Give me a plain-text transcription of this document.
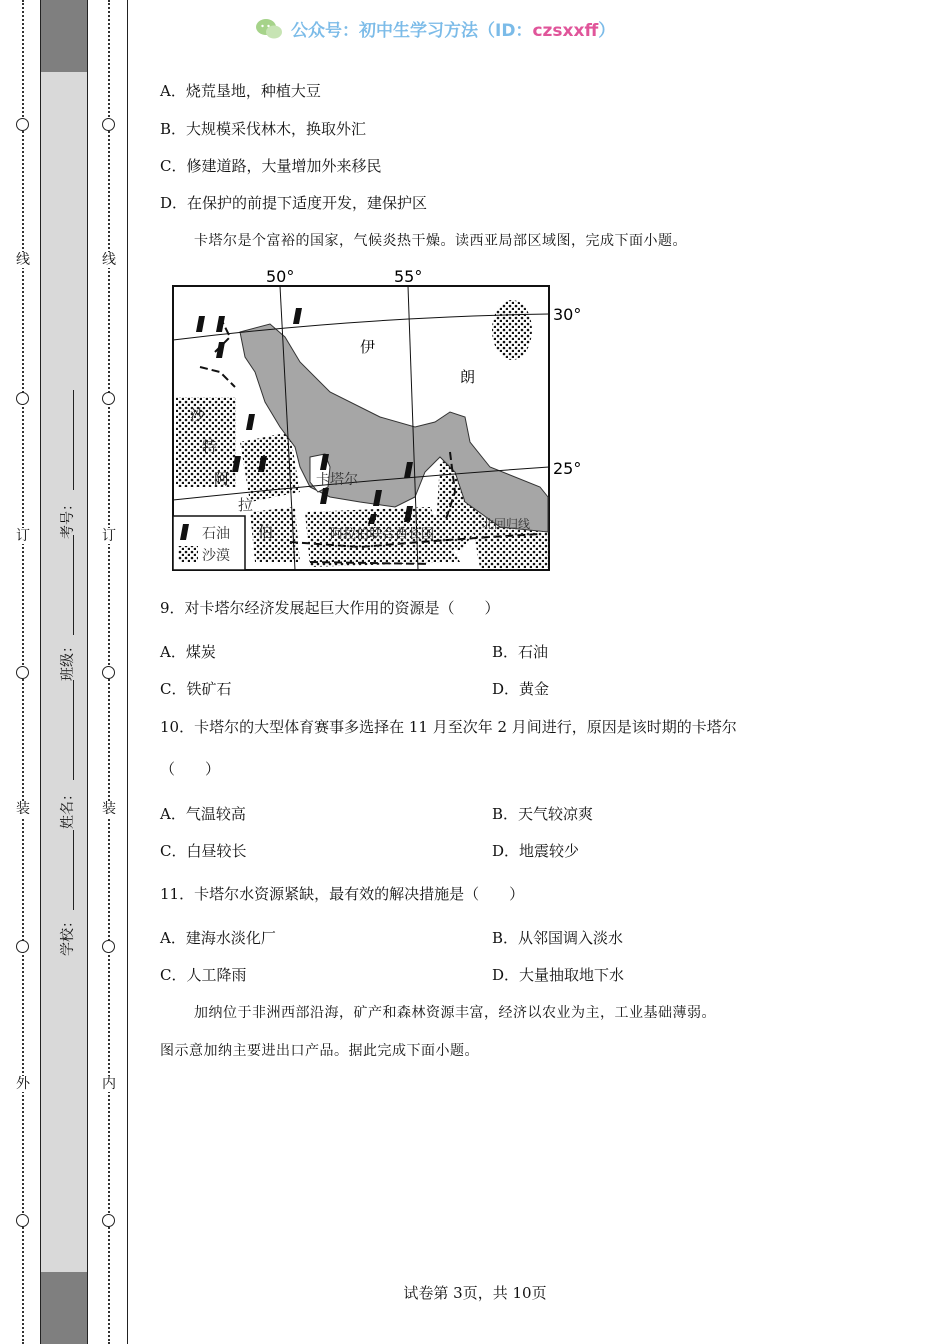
线
订
装
外
线
订
装
内
考号：
班级：
姓名：
学校：
公众号：初中生学习方法（ID：czsxxff）
A．烧荒垦地，种植大豆
B．大规模采伐林木，换取外汇
C．修建道路，大量增加外来移民
D．在保护的前提下适度开发，建保护区
卡塔尔是个富裕的国家，气候炎热干燥。读西亚局部区域图，完成下面小题。
50°	55°
30°
25°
伊
朗
沙
特
阿
拉
伯
卡塔尔
阿拉伯联合酋长国
北回归线
石油
沙漠
9．对卡塔尔经济发展起巨大作用的资源是（　　）
A．煤炭	B．石油
C．铁矿石	D．黄金
10．卡塔尔的大型体育赛事多选择在 11 月至次年 2 月间进行，原因是该时期的卡塔尔
（　　）
A．气温较高	B．天气较凉爽
C．白昼较长	D．地震较少
11．卡塔尔水资源紧缺，最有效的解决措施是（　　）
A．建海水淡化厂	B．从邻国调入淡水
C．人工降雨	D．大量抽取地下水
加纳位于非洲西部沿海，矿产和森林资源丰富，经济以农业为主，工业基础薄弱。
图示意加纳主要进出口产品。据此完成下面小题。
试卷第 3页，共 10页
